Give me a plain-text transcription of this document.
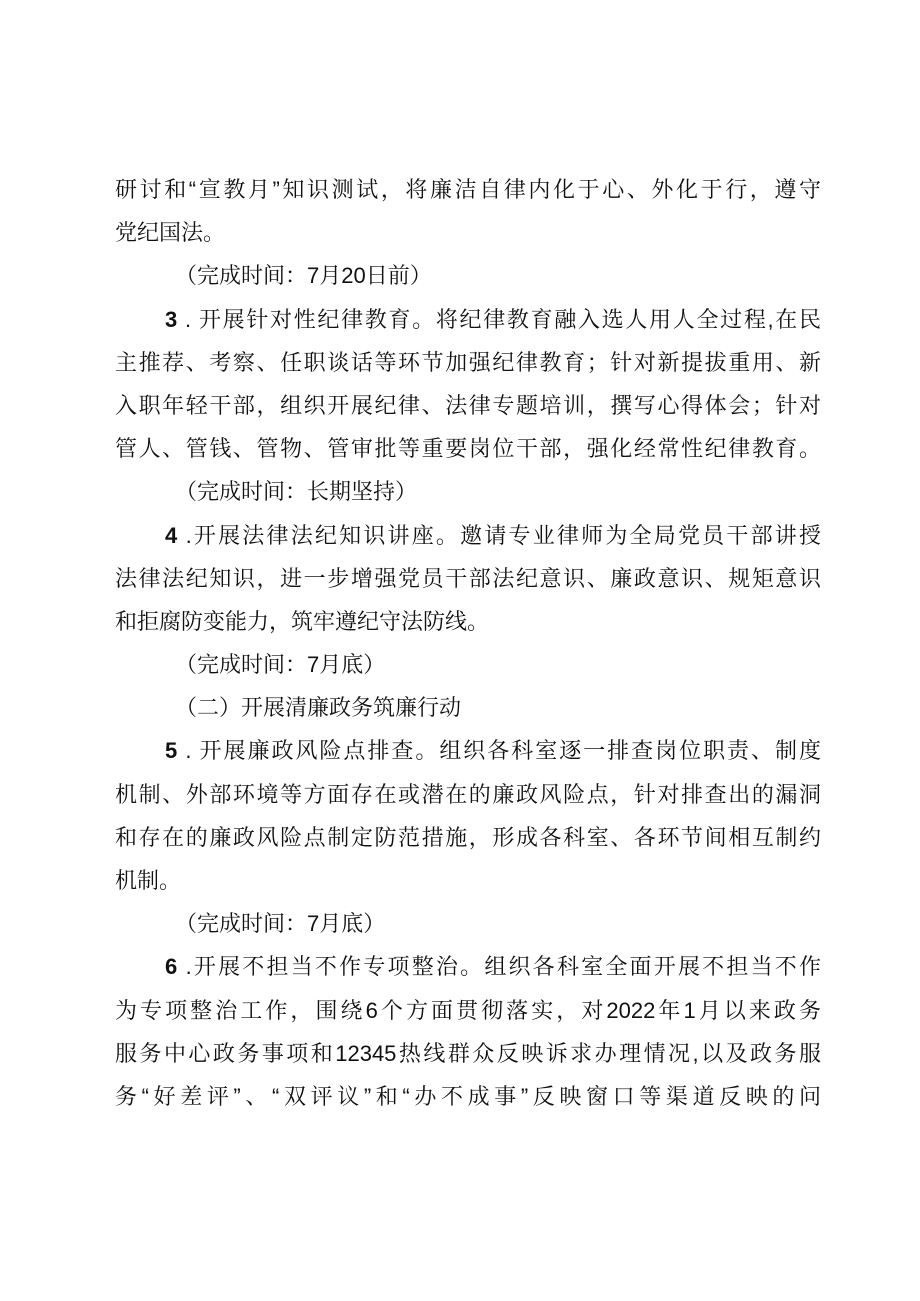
研讨和“宣教月”知识测试，将廉洁自律内化于心、外化于行，遵守
党纪国法。
（完成时间：7月20日前）
3 . 开展针对性纪律教育。将纪律教育融入选人用人全过程,在民
主推荐、考察、任职谈话等环节加强纪律教育；针对新提拔重用、新
入职年轻干部，组织开展纪律、法律专题培训，撰写心得体会；针对
管人、管钱、管物、管审批等重要岗位干部，强化经常性纪律教育。
（完成时间：长期坚持）
4 .开展法律法纪知识讲座。邀请专业律师为全局党员干部讲授
法律法纪知识，进一步增强党员干部法纪意识、廉政意识、规矩意识
和拒腐防变能力，筑牢遵纪守法防线。
（完成时间：7月底）
（二）开展清廉政务筑廉行动
5 . 开展廉政风险点排查。组织各科室逐一排查岗位职责、制度
机制、外部环境等方面存在或潜在的廉政风险点，针对排查出的漏洞
和存在的廉政风险点制定防范措施，形成各科室、各环节间相互制约
机制。
（完成时间：7月底）
6 .开展不担当不作专项整治。组织各科室全面开展不担当不作
为专项整治工作，围绕6个方面贯彻落实，对2022年1月以来政务
服务中心政务事项和12345热线群众反映诉求办理情况,以及政务服
务“好差评”、“双评议”和“办不成事”反映窗口等渠道反映的问
